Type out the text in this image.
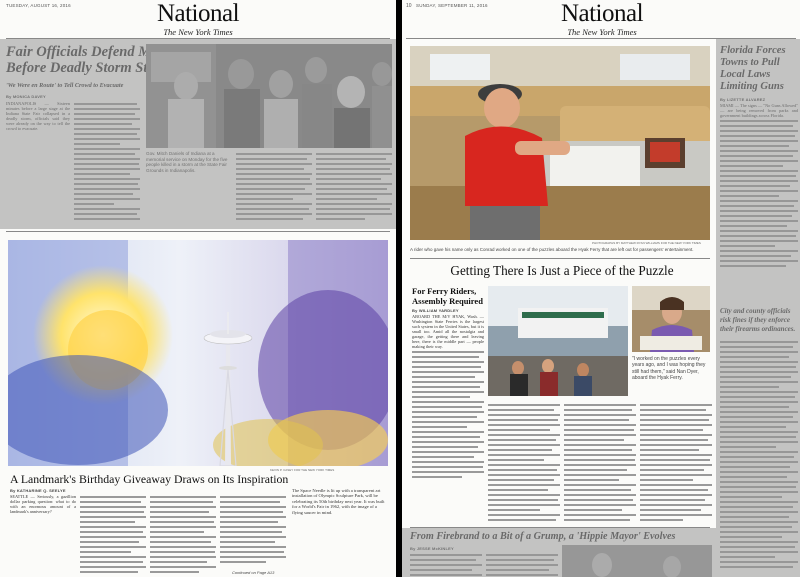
TUESDAY, AUGUST 16, 2016	National
The New York Times
KEVIN P. CASEY FOR THE NEW YORK TIMES
A Landmark's Birthday Giveaway Draws on Its Inspiration
By KATHARINE Q. SEELYE
SEATTLE — Seriously, a gazillion dollar parking question: what to do with an enormous amount of a landmark's anniversary?
Continued on Page A13
The Space Needle is lit up with a transparent art installation of Olympic Sculpture Park, will be celebrating its 50th birthday next year. It was built for a World's Fair in 1962, with the image of a flying saucer in mind.
10 SUNDAY, SEPTEMBER 11, 2016	National
The New York Times
PHOTOGRAPHS BY MATTHEW RYAN WILLIAMS FOR THE NEW YORK TIMES
A rider who gave his name only as Conrad worked on one of the puzzles aboard the Hyak Ferry that are left out for passengers' entertainment.
Getting There Is Just a Piece of the Puzzle
For Ferry Riders,
Assembly Required
By WILLIAM YARDLEY
ABOARD THE M/V HYAK, Wash. — Washington State Ferries is the largest such system in the United States, but it is small too. Amid all the nostalgia and garage, the getting there and leaving here, there is the middle part — people making their way.
"I worked on the puzzles every years ago, and I was hoping they still had them," said Nan Dyer, aboard the Hyak Ferry.
